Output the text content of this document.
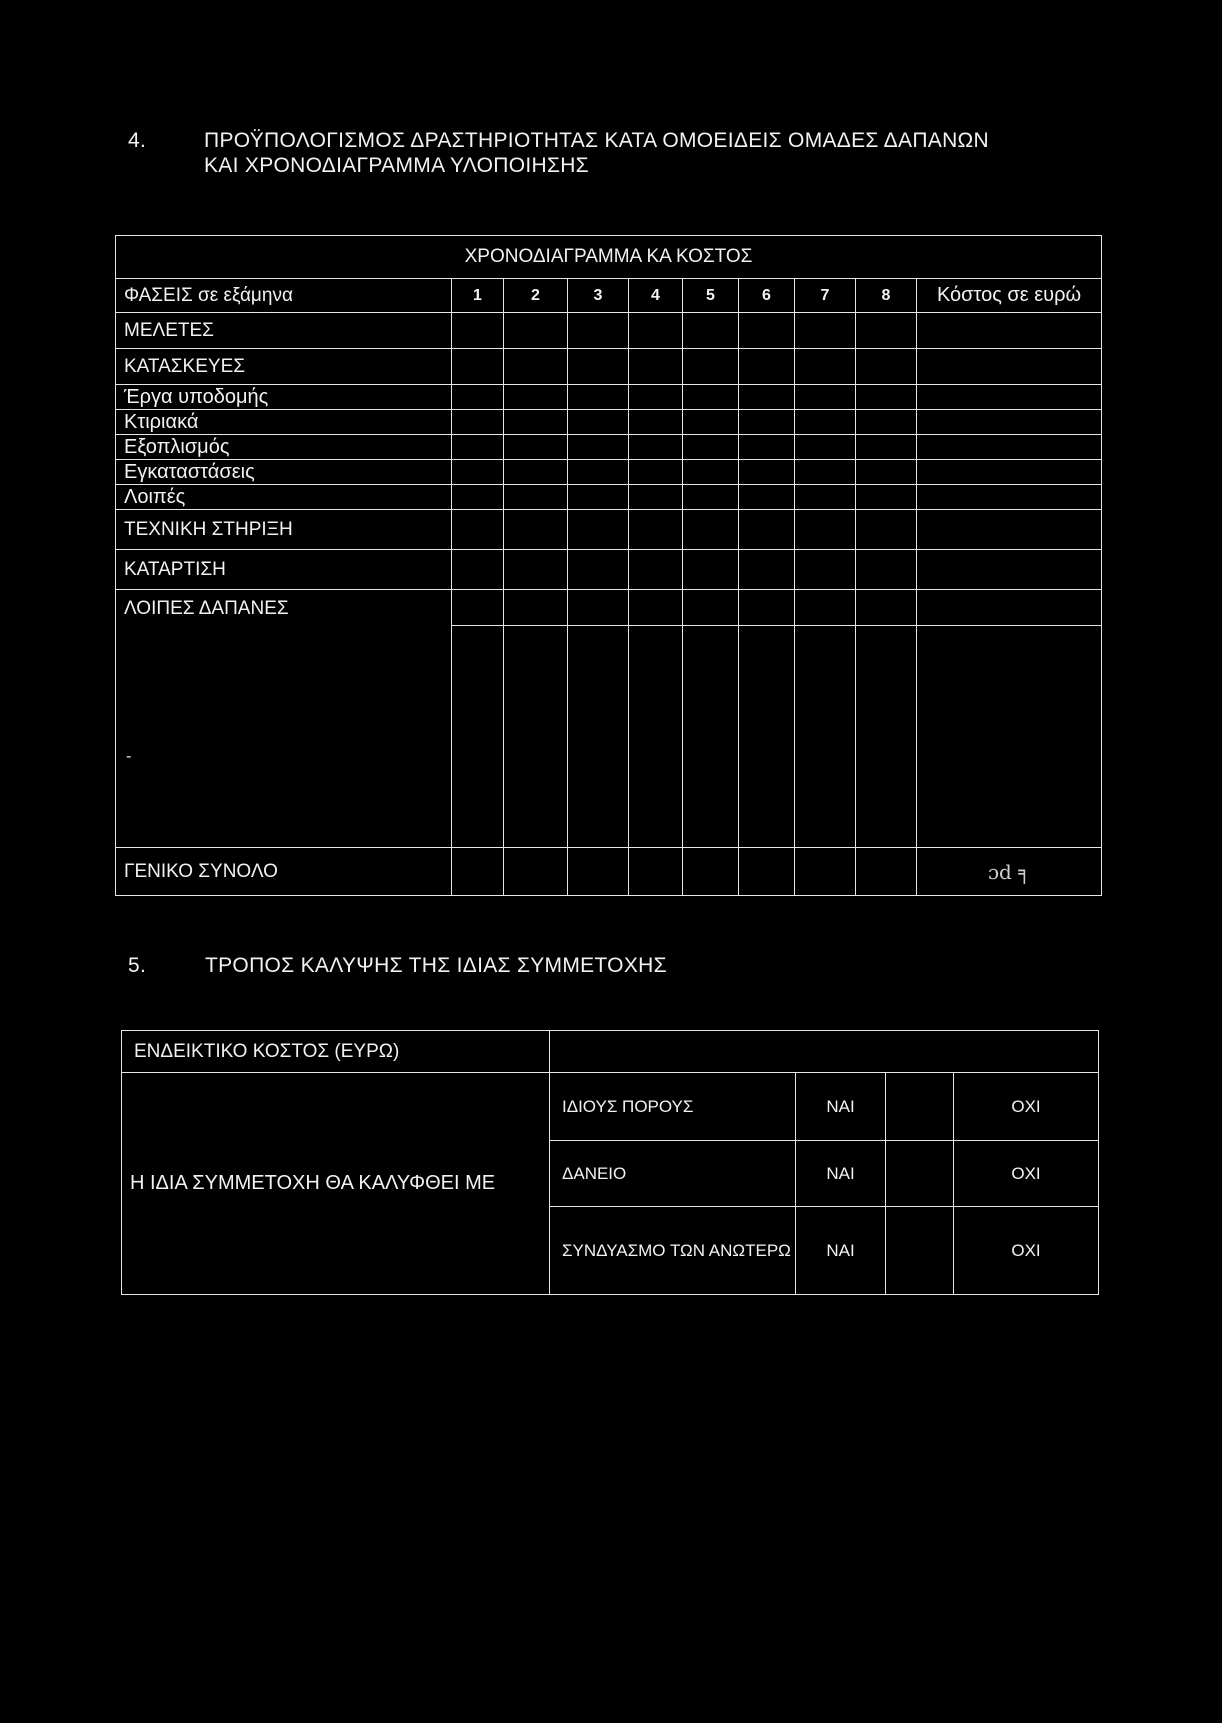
4.	ΠΡΟΫΠΟΛΟΓΙΣΜΟΣ ΔΡΑΣΤΗΡΙΟΤΗΤΑΣ ΚΑΤΑ ΟΜΟΕΙΔΕΙΣ ΟΜΑΔΕΣ ΔΑΠΑΝΩΝ
ΚΑΙ ΧΡΟΝΟΔΙΑΓΡΑΜΜΑ ΥΛΟΠΟΙΗΣΗΣ
ΧΡΟΝΟΔΙΑΓΡΑΜΜΑ ΚΑ ΚΟΣΤΟΣ									
ΦΑΣΕΙΣ σε εξάμηνα	1	2	3	4	5	6	7	8	Κόστος σε ευρώ
ΜΕΛΕΤΕΣ									
ΚΑΤΑΣΚΕΥΕΣ									
Έργα υποδομής									
Κτιριακά									
Εξοπλισμός									
Εγκαταστάσεις									
Λοιπές									
ΤΕΧΝΙΚΗ ΣΤΗΡΙΞΗ									
ΚΑΤΑΡΤΙΣΗ									
ΛΟΙΠΕΣ ΔΑΠΑΝΕΣ
-									

ΓΕΝΙΚΟ ΣΥΝΟΛΟ									ɔd ╕
5.	ΤΡΟΠΟΣ ΚΑΛΥΨΗΣ ΤΗΣ ΙΔΙΑΣ ΣΥΜΜΕΤΟΧΗΣ
ΕΝΔΕΙΚΤΙΚΟ ΚΟΣΤΟΣ (ΕΥΡΩ)				
Η ΙΔΙΑ ΣΥΜΜΕΤΟΧΗ ΘΑ ΚΑΛΥΦΘΕΙ ΜΕ	ΙΔΙΟΥΣ ΠΟΡΟΥΣ	ΝΑΙ		ΟΧΙ
	ΔΑΝΕΙΟ	ΝΑΙ		ΟΧΙ
	ΣΥΝΔΥΑΣΜΟ ΤΩΝ ΑΝΩΤΕΡΩ	ΝΑΙ		ΟΧΙ
